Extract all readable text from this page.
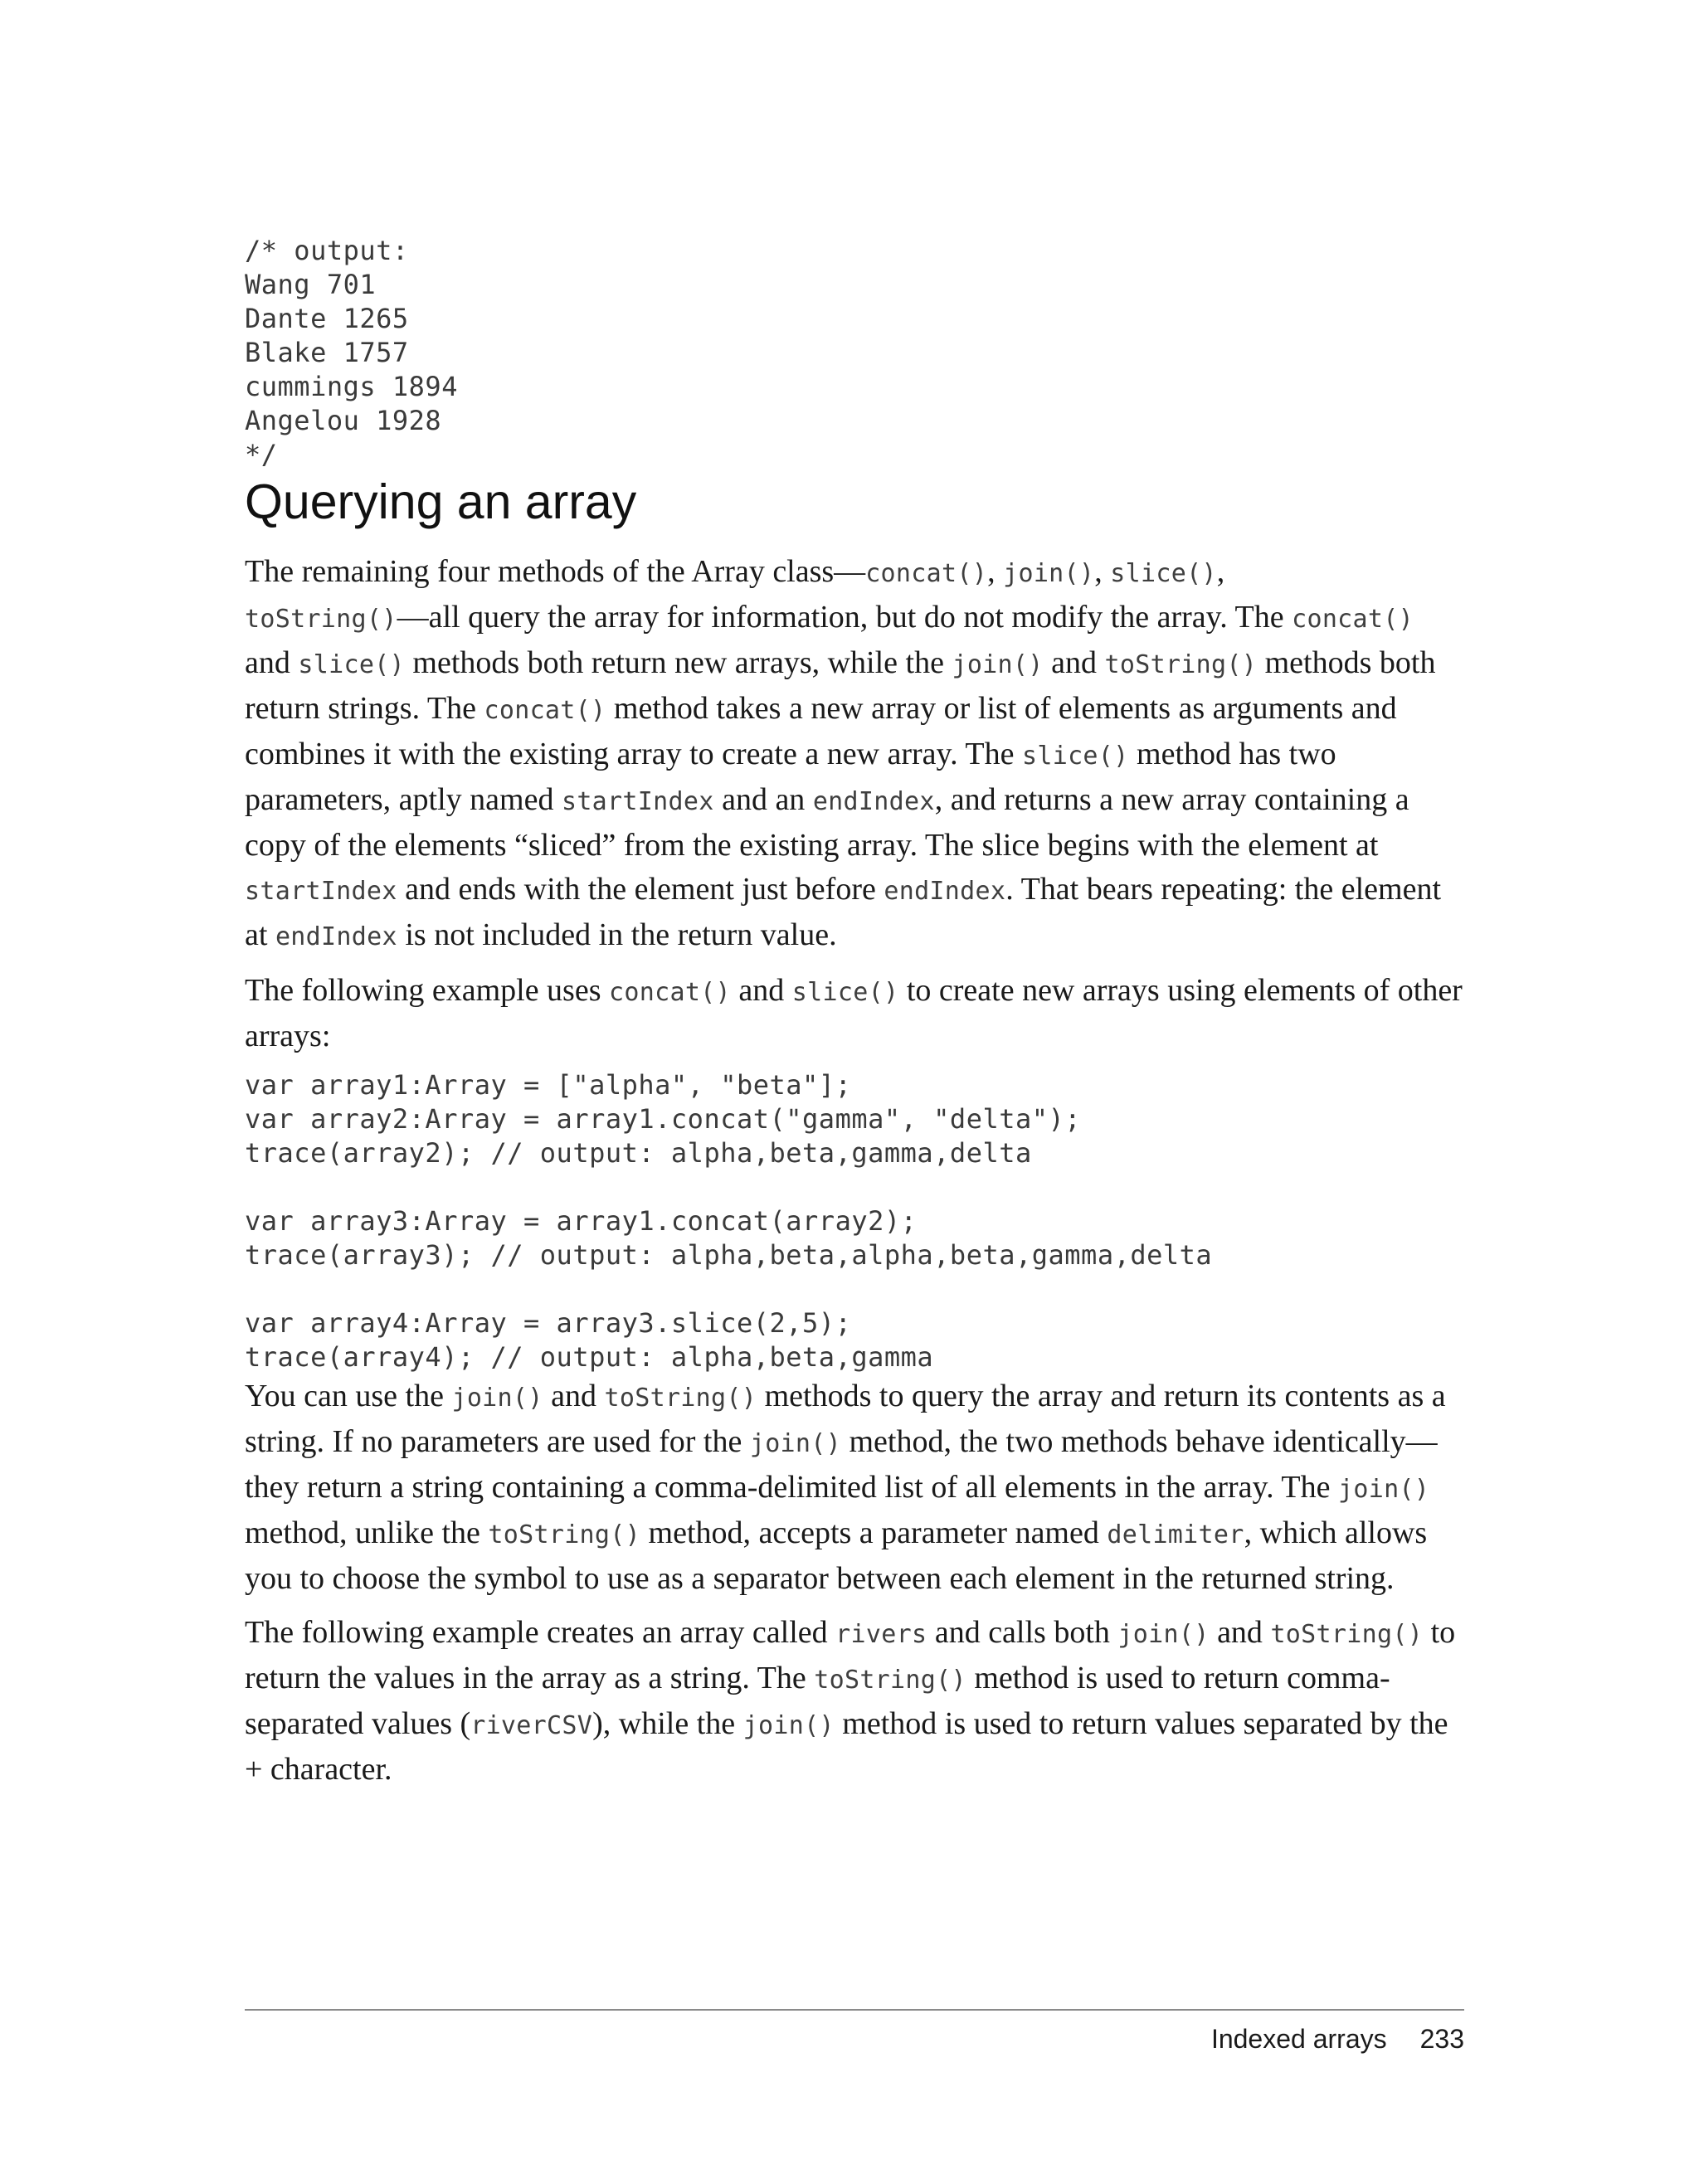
/* output:
Wang 701
Dante 1265
Blake 1757
cummings 1894
Angelou 1928
*/
Querying an array

The remaining four methods of the Array class—concat(), join(), slice(),
toString()—all query the array for information, but do not modify the array. The concat() and slice() methods both return new arrays, while the join() and toString() methods both return strings. The concat() method takes a new array or list of elements as arguments and combines it with the existing array to create a new array. The slice() method has two parameters, aptly named startIndex and an endIndex, and returns a new array containing a copy of the elements “sliced” from the existing array. The slice begins with the element at startIndex and ends with the element just before endIndex. That bears repeating: the element at endIndex is not included in the return value.

The following example uses concat() and slice() to create new arrays using elements of other arrays:

var array1:Array = ["alpha", "beta"];
var array2:Array = array1.concat("gamma", "delta");
trace(array2); // output: alpha,beta,gamma,delta

var array3:Array = array1.concat(array2);
trace(array3); // output: alpha,beta,alpha,beta,gamma,delta

var array4:Array = array3.slice(2,5);
trace(array4); // output: alpha,beta,gamma

You can use the join() and toString() methods to query the array and return its contents as a string. If no parameters are used for the join() method, the two methods behave identically—they return a string containing a comma-delimited list of all elements in the array. The join() method, unlike the toString() method, accepts a parameter named delimiter, which allows you to choose the symbol to use as a separator between each element in the returned string.

The following example creates an array called rivers and calls both join() and toString() to return the values in the array as a string. The toString() method is used to return comma-separated values (riverCSV), while the join() method is used to return values separated by the + character.

Indexed arrays 233
